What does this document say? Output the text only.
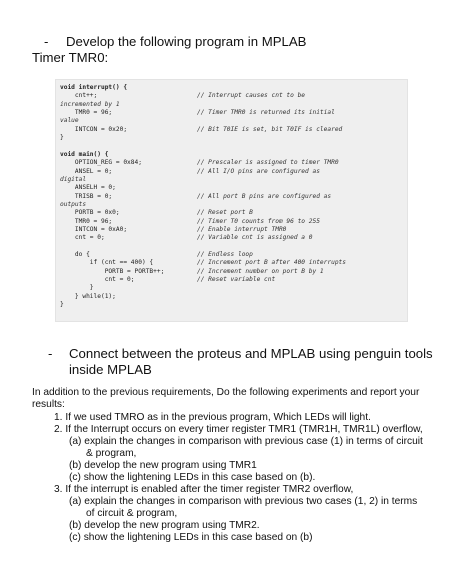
- Develop the following program in MPLAB
Timer TMR0:
void interrupt() {
cnt++;	// Interrupt causes cnt to be
incremented by 1
TMR0 = 96;	// Timer TMR0 is returned its initial
value
INTCON = 0x20;	// Bit T0IE is set, bit T0IF is cleared
}
void main() {
OPTION_REG = 0x84;	// Prescaler is assigned to timer TMR0
ANSEL = 0;	// All I/O pins are configured as
digital
ANSELH = 0;
TRISB = 0;	// All port B pins are configured as
outputs
PORTB = 0x0;	// Reset port B
TMR0 = 96;	// Timer T0 counts from 96 to 255
INTCON = 0xA0;	// Enable interrupt TMR0
cnt = 0;	// Variable cnt is assigned a 0
do {	// Endless loop
if (cnt == 400) {	// Increment port B after 400 interrupts
PORTB = PORTB++;	// Increment number on port B by 1
cnt = 0;	// Reset variable cnt
}
} while(1);
}
- Connect between the proteus and MPLAB using penguin tools
inside MPLAB
In addition to the previous requirements, Do the following experiments and report your
results:
1. If we used TMRO as in the previous program, Which LEDs will light.
2. If the Interrupt occurs on every timer register TMR1 (TMR1H, TMR1L) overflow,
(a) explain the changes in comparison with previous case (1) in terms of circuit
& program,
(b) develop the new program using TMR1
(c) show the lightening LEDs in this case based on (b).
3. If the interrupt is enabled after the timer register TMR2 overflow,
(a) explain the changes in comparison with previous two cases (1, 2) in terms
of circuit & program,
(b) develop the new program using TMR2.
(c) show the lightening LEDs in this case based on (b)
